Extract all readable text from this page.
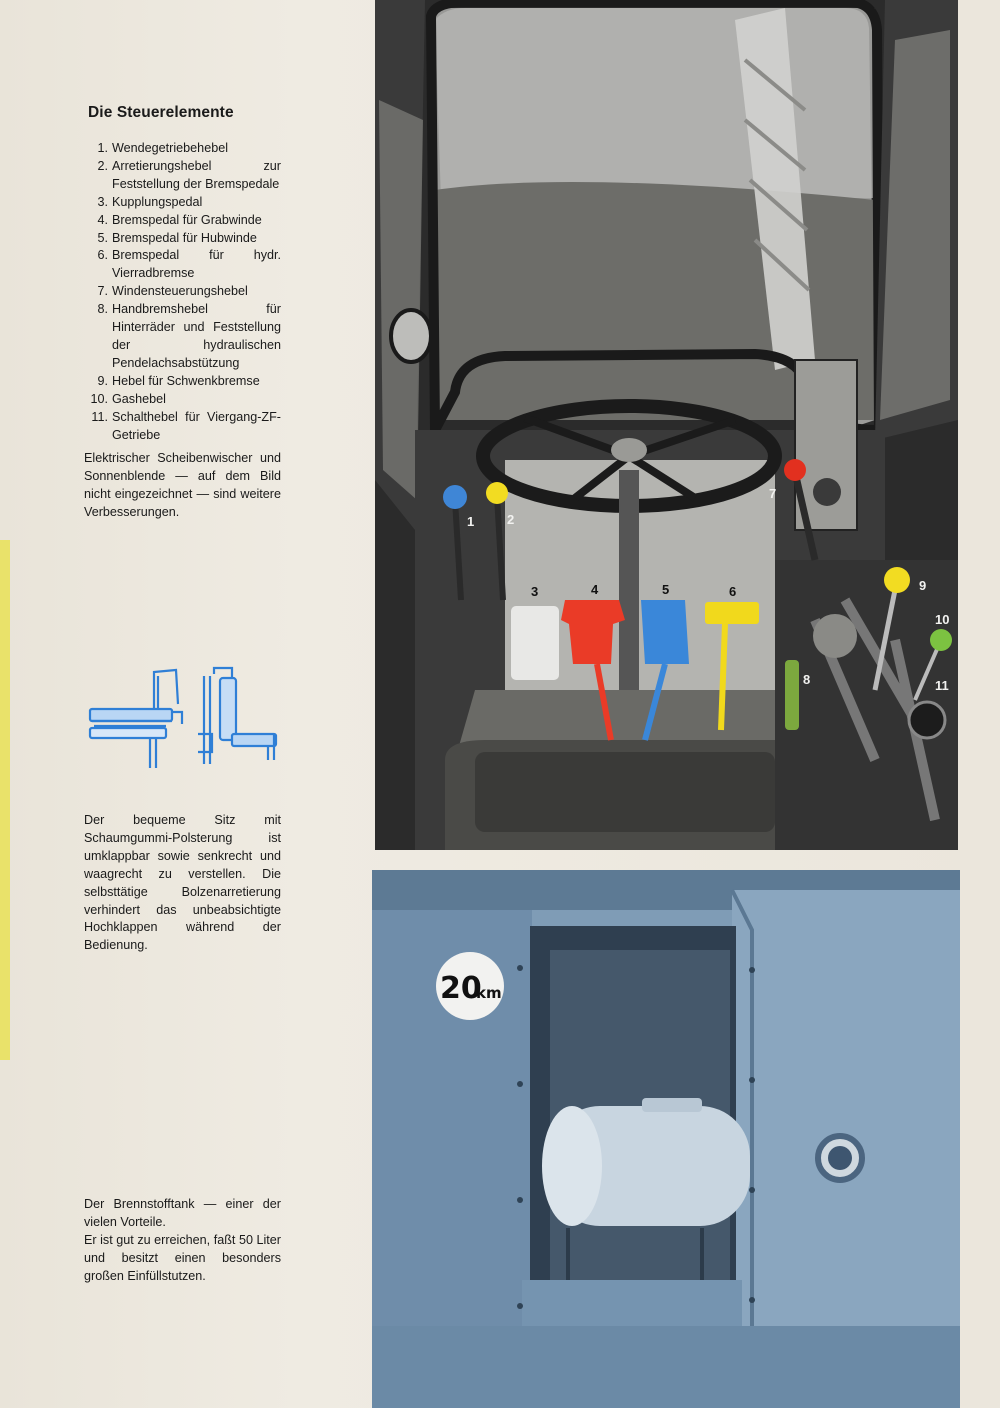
Die Steuerelemente
1. Wendegetriebehebel
2. Arretierungshebel zur Feststellung der Bremspedale
3. Kupplungspedal
4. Bremspedal für Grabwinde
5. Bremspedal für Hubwinde
6. Bremspedal für hydr. Vierradbremse
7. Windensteuerungshebel
8. Handbremshebel für Hinterräder und Feststellung der hydraulischen Pendelachsabstützung
9. Hebel für Schwenkbremse
10. Gashebel
11. Schalthebel für Viergang-ZF-Getriebe
Elektrischer Scheibenwischer und Sonnenblende — auf dem Bild nicht eingezeichnet — sind weitere Verbesserungen.
Der bequeme Sitz mit Schaumgummi-Polsterung ist umklappbar sowie senkrecht und waagrecht zu verstellen. Die selbsttätige Bolzenarretierung verhindert das unbeabsichtigte Hochklappen während der Bedienung.
Der Brennstofftank — einer der vielen Vorteile.
Er ist gut zu erreichen, faßt 50 Liter und besitzt einen besonders großen Einfüllstutzen.
1	2
3	4	5	6
7
8
9
10
11
20
km
